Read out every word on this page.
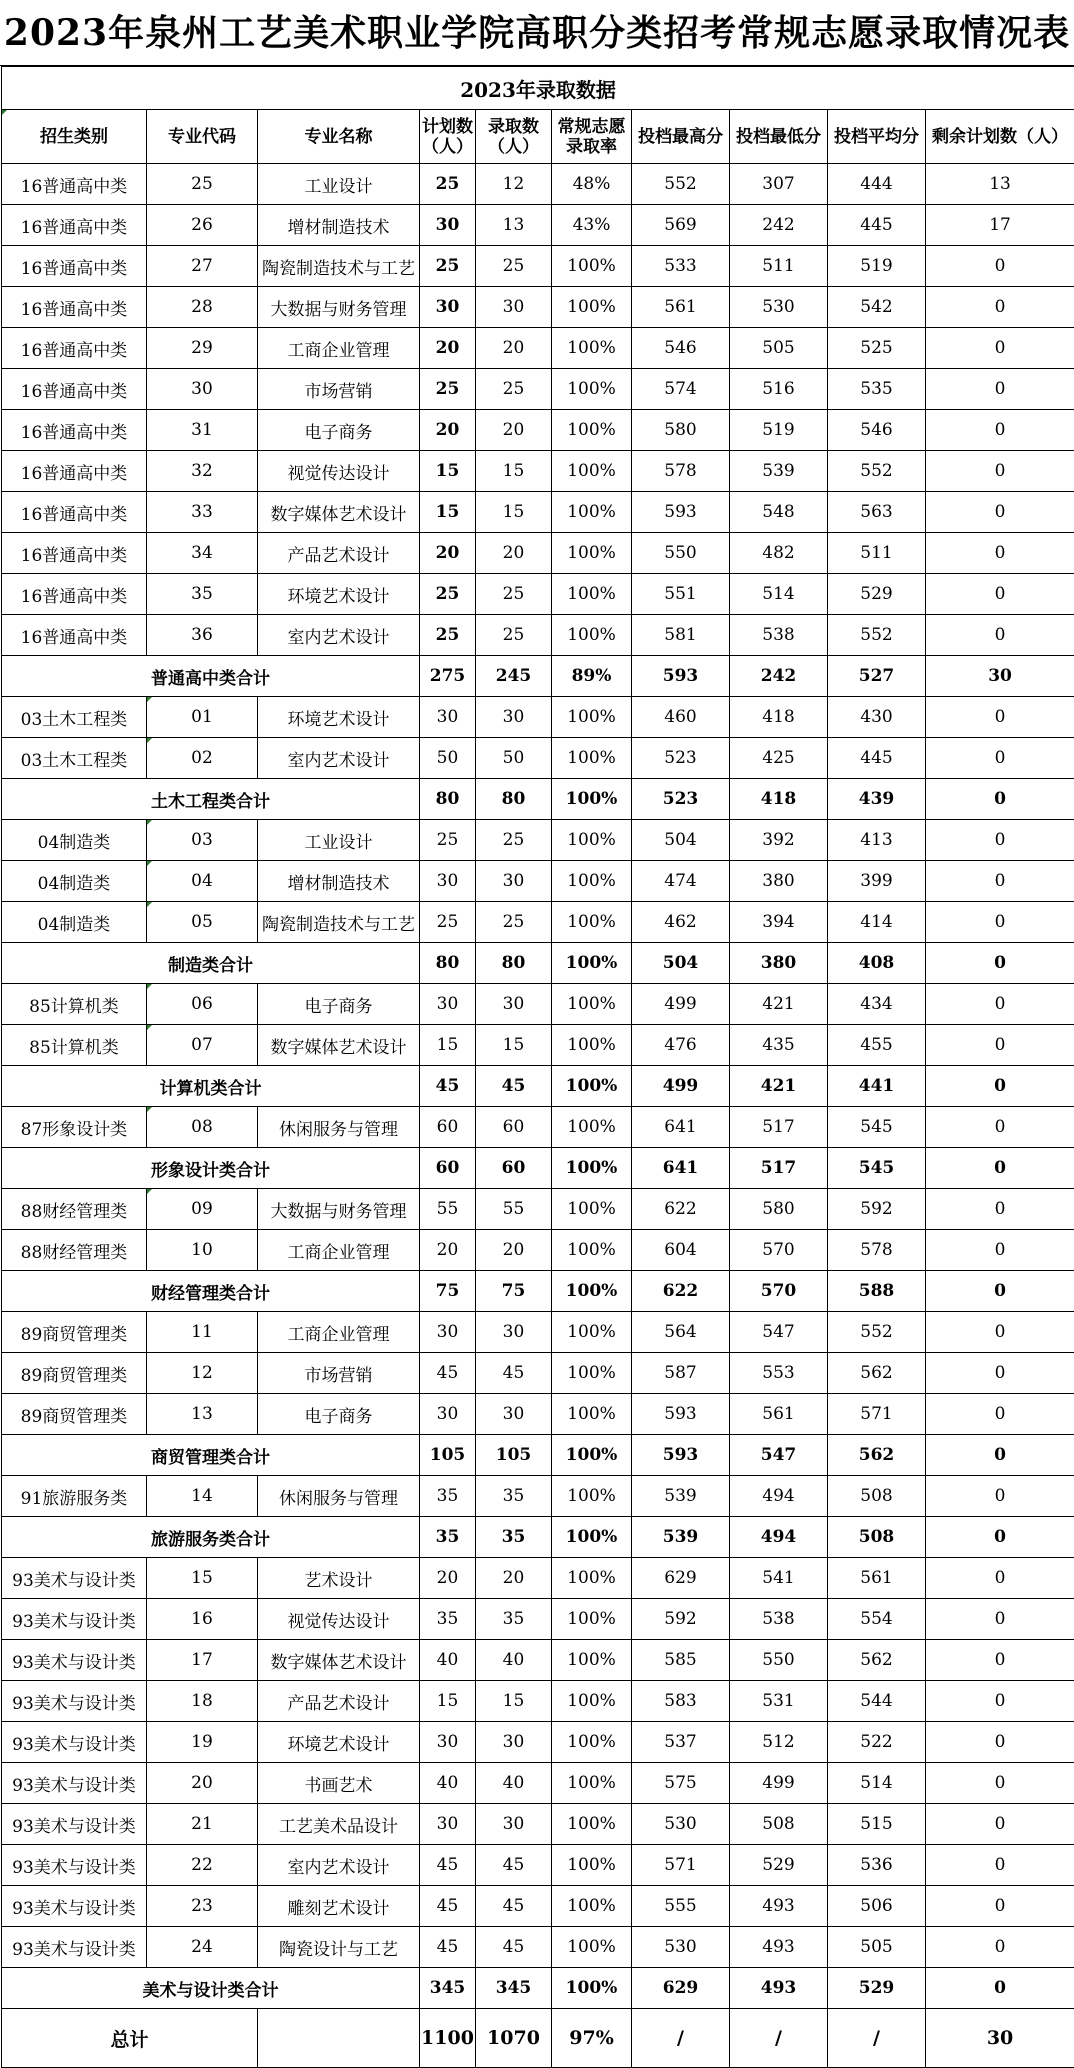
2023年泉州工艺美术职业学院高职分类招考常规志愿录取情况表
2023年录取数据									
招生类别	专业代码	专业名称	计划数（人）	录取数（人）	常规志愿录取率	投档最高分	投档最低分	投档平均分	剩余计划数（人）
16普通高中类	25	工业设计	25	12	48%	552	307	444	13
16普通高中类	26	增材制造技术	30	13	43%	569	242	445	17
16普通高中类	27	陶瓷制造技术与工艺	25	25	100%	533	511	519	0
16普通高中类	28	大数据与财务管理	30	30	100%	561	530	542	0
16普通高中类	29	工商企业管理	20	20	100%	546	505	525	0
16普通高中类	30	市场营销	25	25	100%	574	516	535	0
16普通高中类	31	电子商务	20	20	100%	580	519	546	0
16普通高中类	32	视觉传达设计	15	15	100%	578	539	552	0
16普通高中类	33	数字媒体艺术设计	15	15	100%	593	548	563	0
16普通高中类	34	产品艺术设计	20	20	100%	550	482	511	0
16普通高中类	35	环境艺术设计	25	25	100%	551	514	529	0
16普通高中类	36	室内艺术设计	25	25	100%	581	538	552	0
普通高中类合计			275	245	89%	593	242	527	30
03土木工程类	01	环境艺术设计	30	30	100%	460	418	430	0
03土木工程类	02	室内艺术设计	50	50	100%	523	425	445	0
土木工程类合计			80	80	100%	523	418	439	0
04制造类	03	工业设计	25	25	100%	504	392	413	0
04制造类	04	增材制造技术	30	30	100%	474	380	399	0
04制造类	05	陶瓷制造技术与工艺	25	25	100%	462	394	414	0
制造类合计			80	80	100%	504	380	408	0
85计算机类	06	电子商务	30	30	100%	499	421	434	0
85计算机类	07	数字媒体艺术设计	15	15	100%	476	435	455	0
计算机类合计			45	45	100%	499	421	441	0
87形象设计类	08	休闲服务与管理	60	60	100%	641	517	545	0
形象设计类合计			60	60	100%	641	517	545	0
88财经管理类	09	大数据与财务管理	55	55	100%	622	580	592	0
88财经管理类	10	工商企业管理	20	20	100%	604	570	578	0
财经管理类合计			75	75	100%	622	570	588	0
89商贸管理类	11	工商企业管理	30	30	100%	564	547	552	0
89商贸管理类	12	市场营销	45	45	100%	587	553	562	0
89商贸管理类	13	电子商务	30	30	100%	593	561	571	0
商贸管理类合计			105	105	100%	593	547	562	0
91旅游服务类	14	休闲服务与管理	35	35	100%	539	494	508	0
旅游服务类合计			35	35	100%	539	494	508	0
93美术与设计类	15	艺术设计	20	20	100%	629	541	561	0
93美术与设计类	16	视觉传达设计	35	35	100%	592	538	554	0
93美术与设计类	17	数字媒体艺术设计	40	40	100%	585	550	562	0
93美术与设计类	18	产品艺术设计	15	15	100%	583	531	544	0
93美术与设计类	19	环境艺术设计	30	30	100%	537	512	522	0
93美术与设计类	20	书画艺术	40	40	100%	575	499	514	0
93美术与设计类	21	工艺美术品设计	30	30	100%	530	508	515	0
93美术与设计类	22	室内艺术设计	45	45	100%	571	529	536	0
93美术与设计类	23	雕刻艺术设计	45	45	100%	555	493	506	0
93美术与设计类	24	陶瓷设计与工艺	45	45	100%	530	493	505	0
美术与设计类合计			345	345	100%	629	493	529	0
总计			1100	1070	97%	/	/	/	30
